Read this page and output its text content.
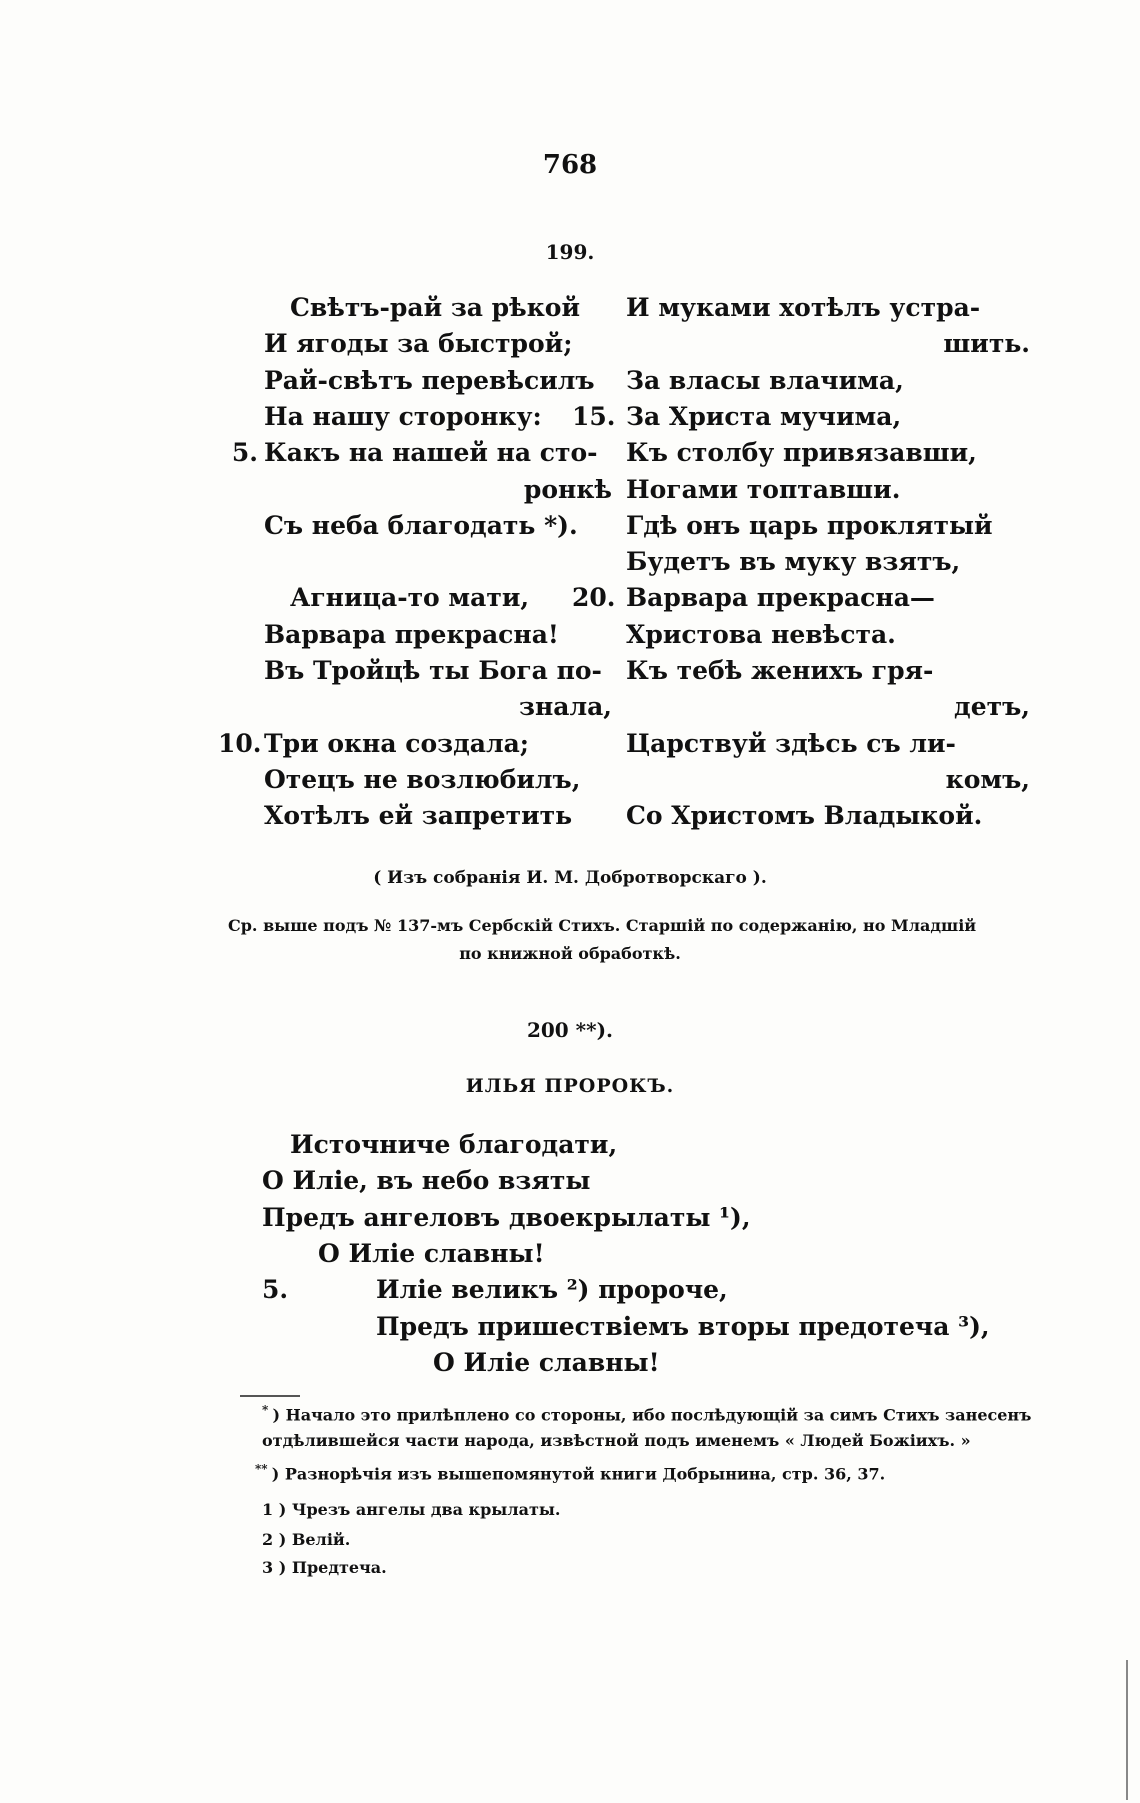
768
199.
Свѣтъ-рай за рѣкой
И ягоды за быстрой;
Рай-свѣтъ перевѣсилъ
На нашу сторонку:
5. Какъ на нашей на сто-
ронкѣ
Съ неба благодать *).
Агница-то мати,
Варвара прекрасна!
Въ Тройцѣ ты Бога по-
знала,
10. Три окна создала;
Отецъ не возлюбилъ,
Хотѣлъ ей запретить
И муками хотѣлъ устра-
шить.
За власы влачима,
15. За Христа мучима,
Къ столбу привязавши,
Ногами топтавши.
Гдѣ онъ царь проклятый
Будетъ въ муку взятъ,
20. Варвара прекрасна—
Христова невѣста.
Къ тебѣ женихъ гря-
детъ,
Царствуй здѣсь съ ли-
комъ,
Со Христомъ Владыкой.
( Изъ собранія И. М. Добротворскаго ).
Ср. выше подъ № 137-мъ Сербскій Стихъ. Старшій по содержанію, но Младшій
по книжной обработкѣ.
200 **).
ИЛЬЯ ПРОРОКЪ.
Источниче благодати,
О Иліе, въ небо взяты
Предъ ангеловъ двоекрылаты ¹),
О Иліе славны!
5.	Иліе великъ ²) пророче,
Предъ пришествіемъ вторы предотеча ³),
О Иліе славны!
* ) Начало это прилѣплено со стороны, ибо послѣдующій за симъ Стихъ занесенъ
отдѣлившейся части народа, извѣстной подъ именемъ « Людей Божіихъ. »
** ) Разнорѣчія изъ вышепомянутой книги Добрынина, стр. 36, 37.
1 ) Чрезъ ангелы два крылаты.
2 ) Велій.
3 ) Предтеча.
